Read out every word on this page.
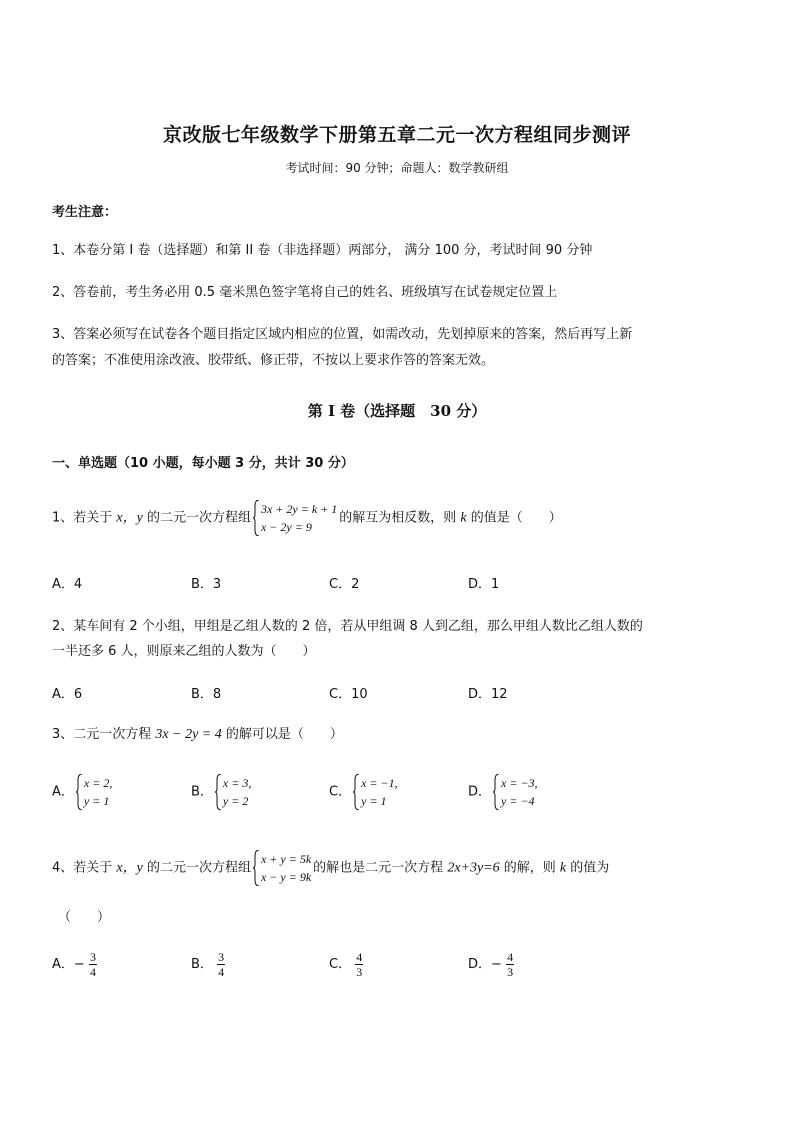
京改版七年级数学下册第五章二元一次方程组同步测评
考试时间：90 分钟；命题人：数学教研组
考生注意：
1、本卷分第 I 卷（选择题）和第 II 卷（非选择题）两部分， 满分 100 分，考试时间 90 分钟
2、答卷前，考生务必用 0.5 毫米黑色签字笔将自己的姓名、班级填写在试卷规定位置上
3、答案必须写在试卷各个题目指定区域内相应的位置，如需改动，先划掉原来的答案，然后再写上新
的答案；不准使用涂改液、胶带纸、修正带，不按以上要求作答的答案无效。
第 I 卷（选择题　30 分）
一、单选题（10 小题，每小题 3 分，共计 30 分）
1、若关于 x，y 的二元一次方程组
3x + 2y = k + 1
x − 2y = 9
的解互为相反数，则 k 的值是（　　）
A．4	B．3	C．2	D．1
2、某车间有 2 个小组，甲组是乙组人数的 2 倍，若从甲组调 8 人到乙组，那么甲组人数比乙组人数的
一半还多 6 人，则原来乙组的人数为（　　）
A．6	B．8	C．10	D．12
3、二元一次方程 3x − 2y = 4 的解可以是（　　）
A．
x = 2,
y = 1
B．
x = 3,
y = 2
C．
x = −1,
y = 1
D．
x = −3,
y = −4
4、若关于 x，y 的二元一次方程组
x + y = 5k
x − y = 9k
的解也是二元一次方程 2x+3y=6 的解，则 k 的值为
（　　）
A．− $\frac{3}{4}$	B． $\frac{3}{4}$	C． $\frac{4}{3}$	D．− $\frac{4}{3}$
